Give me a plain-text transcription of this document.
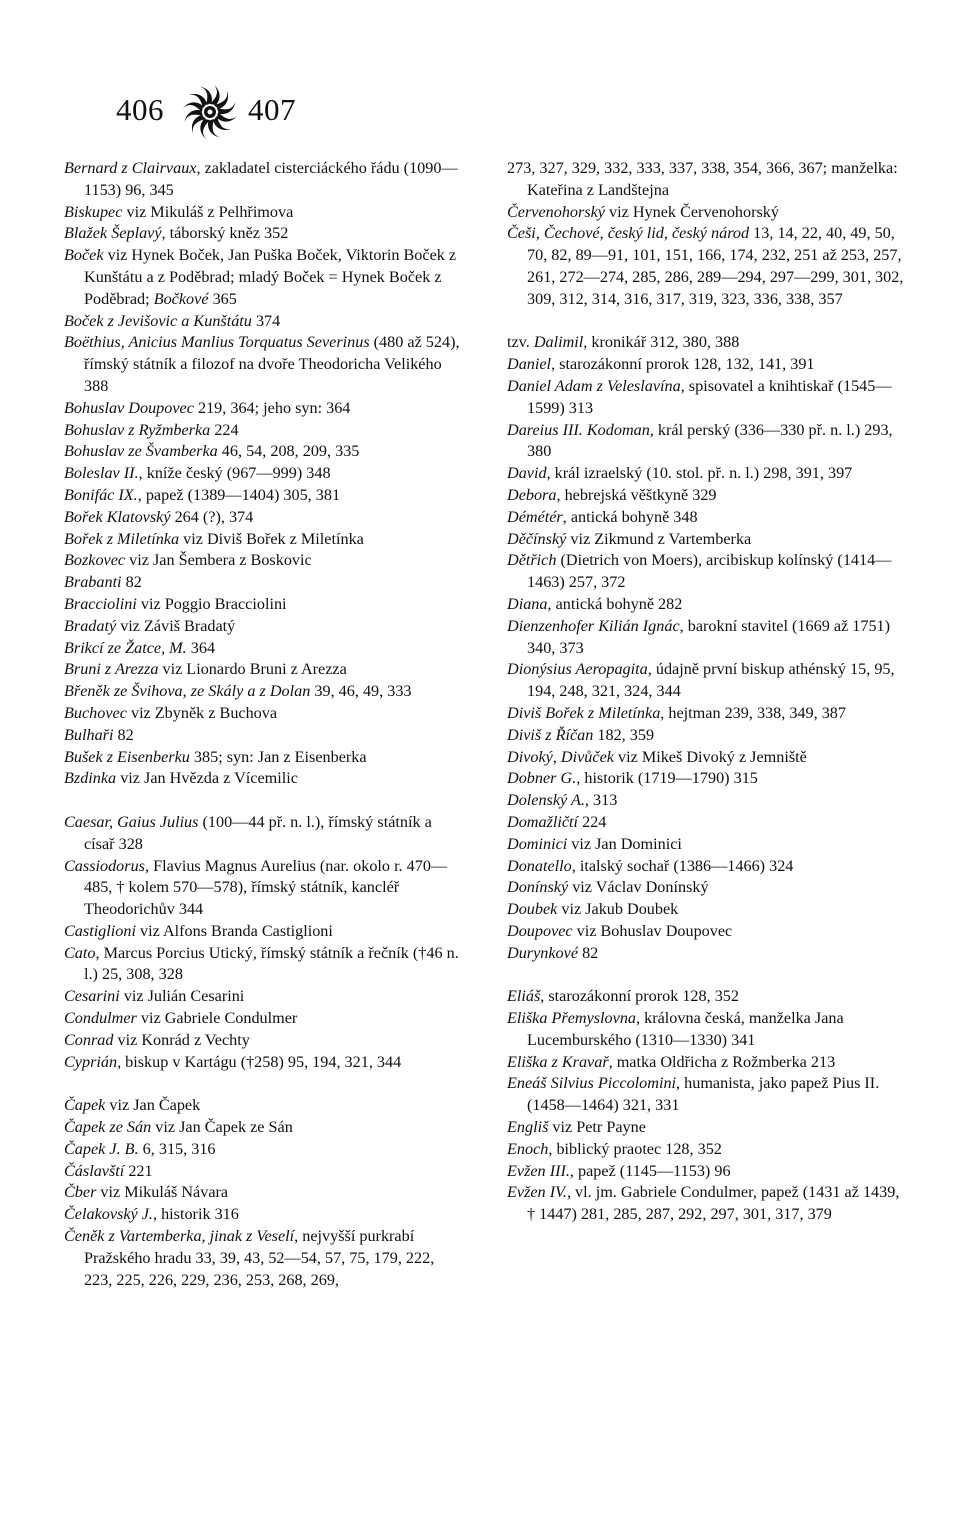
406	407
Bernard z Clairvaux, zakladatel cisterciáckého řádu (1090—1153) 96, 345
Biskupec viz Mikuláš z Pelhřimova
Blažek Šeplavý, táborský kněz 352
Boček viz Hynek Boček, Jan Puška Boček, Viktorin Boček z Kunštátu a z Poděbrad; mladý Boček = Hynek Boček z Poděbrad; Bočkové 365
Boček z Jevišovic a Kunštátu 374
Boëthius, Anicius Manlius Torquatus Severinus (480 až 524), římský státník a filozof na dvoře Theodoricha Velikého 388
Bohuslav Doupovec 219, 364; jeho syn: 364
Bohuslav z Ryžmberka 224
Bohuslav ze Švamberka 46, 54, 208, 209, 335
Boleslav II., kníže český (967—999) 348
Bonifác IX., papež (1389—1404) 305, 381
Bořek Klatovský 264 (?), 374
Bořek z Miletínka viz Diviš Bořek z Miletínka
Bozkovec viz Jan Šembera z Boskovic
Brabanti 82
Bracciolini viz Poggio Bracciolini
Bradatý viz Záviš Bradatý
Brikcí ze Žatce, M. 364
Bruni z Arezza viz Lionardo Bruni z Arezza
Břeněk ze Švihova, ze Skály a z Dolan 39, 46, 49, 333
Buchovec viz Zbyněk z Buchova
Bulhaři 82
Bušek z Eisenberku 385; syn: Jan z Eisenberka
Bzdinka viz Jan Hvězda z Vícemilic
Caesar, Gaius Julius (100—44 př. n. l.), římský státník a císař 328
Cassiodorus, Flavius Magnus Aurelius (nar. okolo r. 470—485, † kolem 570—578), římský státník, kancléř Theodorichův 344
Castiglioni viz Alfons Branda Castiglioni
Cato, Marcus Porcius Utický, římský státník a řečník (†46 n. l.) 25, 308, 328
Cesarini viz Julián Cesarini
Condulmer viz Gabriele Condulmer
Conrad viz Konrád z Vechty
Cyprián, biskup v Kartágu (†258) 95, 194, 321, 344
Čapek viz Jan Čapek
Čapek ze Sán viz Jan Čapek ze Sán
Čapek J. B. 6, 315, 316
Čáslavští 221
Čber viz Mikuláš Návara
Čelakovský J., historik 316
Čeněk z Vartemberka, jinak z Veselí, nejvyšší purkrabí Pražského hradu 33, 39, 43, 52—54, 57, 75, 179, 222, 223, 225, 226, 229, 236, 253, 268, 269,
273, 327, 329, 332, 333, 337, 338, 354, 366, 367; manželka: Kateřina z Landštejna
Červenohorský viz Hynek Červenohorský
Češi, Čechové, český lid, český národ 13, 14, 22, 40, 49, 50, 70, 82, 89—91, 101, 151, 166, 174, 232, 251 až 253, 257, 261, 272—274, 285, 286, 289—294, 297—299, 301, 302, 309, 312, 314, 316, 317, 319, 323, 336, 338, 357
tzv. Dalimil, kronikář 312, 380, 388
Daniel, starozákonní prorok 128, 132, 141, 391
Daniel Adam z Veleslavína, spisovatel a knihtiskař (1545—1599) 313
Dareius III. Kodoman, král perský (336—330 př. n. l.) 293, 380
David, král izraelský (10. stol. př. n. l.) 298, 391, 397
Debora, hebrejská věštkyně 329
Démétér, antická bohyně 348
Děčínský viz Zikmund z Vartemberka
Dětřich (Dietrich von Moers), arcibiskup kolínský (1414—1463) 257, 372
Diana, antická bohyně 282
Dienzenhofer Kilián Ignác, barokní stavitel (1669 až 1751) 340, 373
Dionýsius Aeropagita, údajně první biskup athénský 15, 95, 194, 248, 321, 324, 344
Diviš Bořek z Miletínka, hejtman 239, 338, 349, 387
Diviš z Říčan 182, 359
Divoký, Divůček viz Mikeš Divoký z Jemniště
Dobner G., historik (1719—1790) 315
Dolenský A., 313
Domažličtí 224
Dominici viz Jan Dominici
Donatello, italský sochař (1386—1466) 324
Donínský viz Václav Donínský
Doubek viz Jakub Doubek
Doupovec viz Bohuslav Doupovec
Durynkové 82
Eliáš, starozákonní prorok 128, 352
Eliška Přemyslovna, královna česká, manželka Jana Lucemburského (1310—1330) 341
Eliška z Kravař, matka Oldřicha z Rožmberka 213
Eneáš Silvius Piccolomini, humanista, jako papež Pius II. (1458—1464) 321, 331
Engliš viz Petr Payne
Enoch, biblický praotec 128, 352
Evžen III., papež (1145—1153) 96
Evžen IV., vl. jm. Gabriele Condulmer, papež (1431 až 1439, † 1447) 281, 285, 287, 292, 297, 301, 317, 379
